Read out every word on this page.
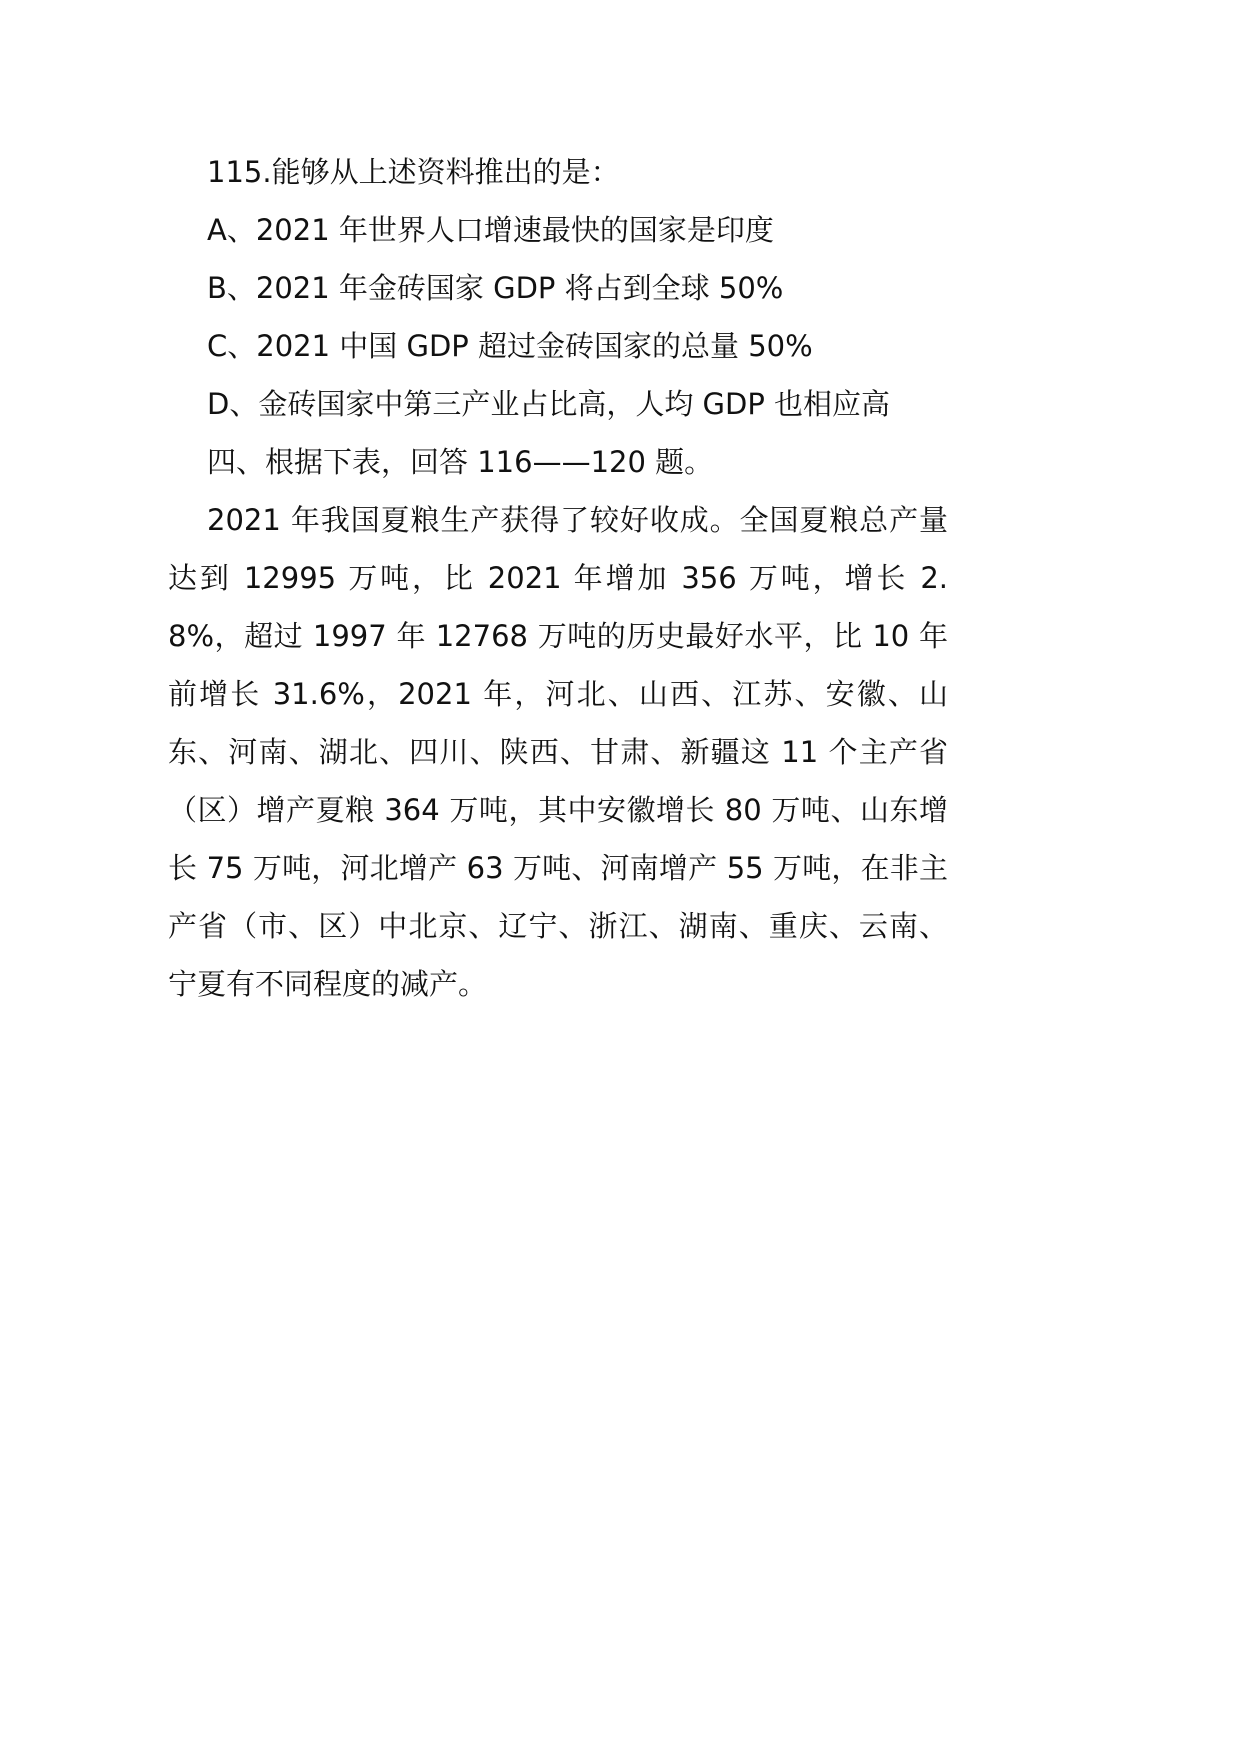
115.能够从上述资料推出的是：
A、2021 年世界人口增速最快的国家是印度
B、2021 年金砖国家 GDP 将占到全球 50%
C、2021 中国 GDP 超过金砖国家的总量 50%
D、金砖国家中第三产业占比高，人均 GDP 也相应高
四、根据下表，回答 116——120 题。

2021 年我国夏粮生产获得了较好收成。全国夏粮总产量达到 12995 万吨，比 2021 年增加 356 万吨，增长 2.8%，超过 1997 年 12768 万吨的历史最好水平，比 10 年前增长 31.6%，2021 年，河北、山西、江苏、安徽、山东、河南、湖北、四川、陕西、甘肃、新疆这 11 个主产省（区）增产夏粮 364 万吨，其中安徽增长 80 万吨、山东增长 75 万吨，河北增产 63 万吨、河南增产 55 万吨，在非主产省（市、区）中北京、辽宁、浙江、湖南、重庆、云南、宁夏有不同程度的减产。
